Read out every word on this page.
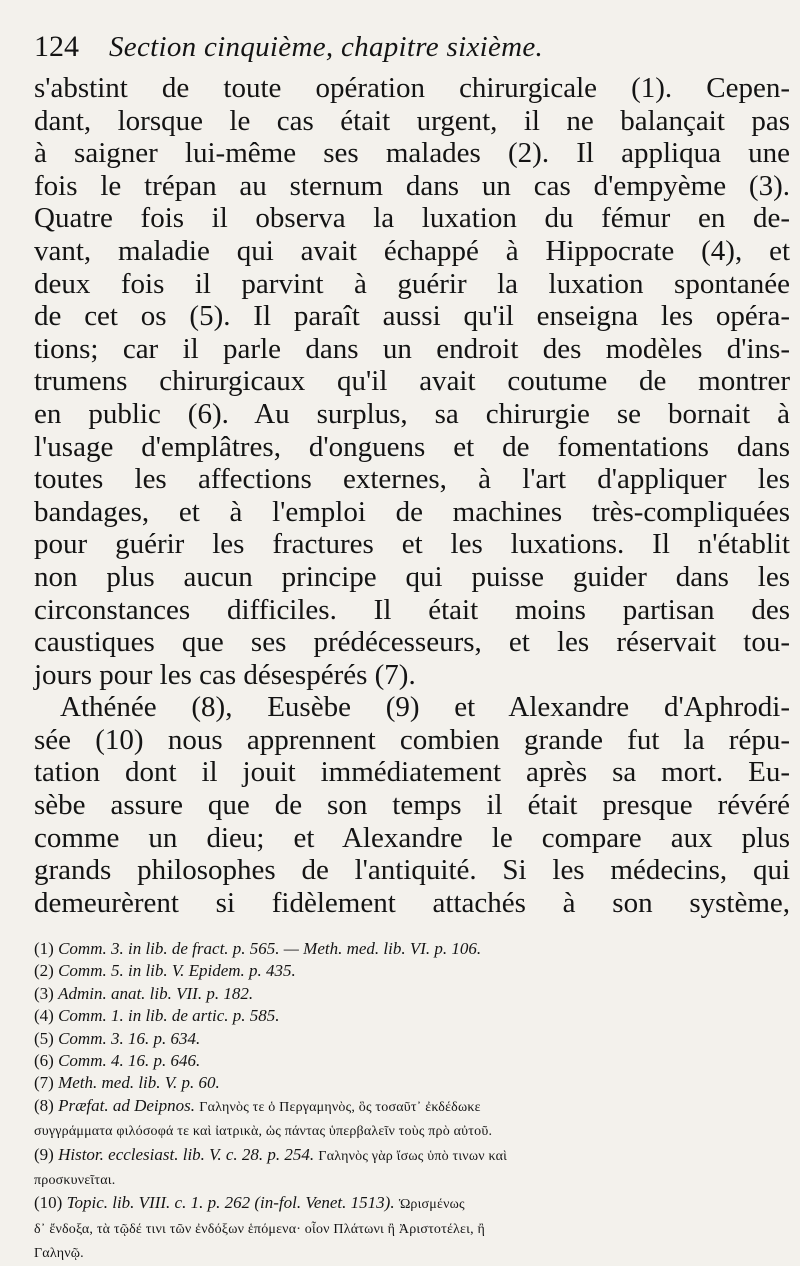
124 Section cinquième, chapitre sixième.
s'abstint de toute opération chirurgicale (1). Cepen-
dant, lorsque le cas était urgent, il ne balançait pas
à saigner lui-même ses malades (2). Il appliqua une
fois le trépan au sternum dans un cas d'empyème (3).
Quatre fois il observa la luxation du fémur en de-
vant, maladie qui avait échappé à Hippocrate (4), et
deux fois il parvint à guérir la luxation spontanée
de cet os (5). Il paraît aussi qu'il enseigna les opéra-
tions; car il parle dans un endroit des modèles d'ins-
trumens chirurgicaux qu'il avait coutume de montrer
en public (6). Au surplus, sa chirurgie se bornait à
l'usage d'emplâtres, d'onguens et de fomentations dans
toutes les affections externes, à l'art d'appliquer les
bandages, et à l'emploi de machines très-compliquées
pour guérir les fractures et les luxations. Il n'établit
non plus aucun principe qui puisse guider dans les
circonstances difficiles. Il était moins partisan des
caustiques que ses prédécesseurs, et les réservait tou-
jours pour les cas désespérés (7).
Athénée (8), Eusèbe (9) et Alexandre d'Aphrodi-
sée (10) nous apprennent combien grande fut la répu-
tation dont il jouit immédiatement après sa mort. Eu-
sèbe assure que de son temps il était presque révéré
comme un dieu; et Alexandre le compare aux plus
grands philosophes de l'antiquité. Si les médecins, qui
demeurèrent si fidèlement attachés à son système,
(1) Comm. 3. in lib. de fract. p. 565. — Meth. med. lib. VI. p. 106.
(2) Comm. 5. in lib. V. Epidem. p. 435.
(3) Admin. anat. lib. VII. p. 182.
(4) Comm. 1. in lib. de artic. p. 585.
(5) Comm. 3. 16. p. 634.
(6) Comm. 4. 16. p. 646.
(7) Meth. med. lib. V. p. 60.
(8) Præfat. ad Deipnos. Γαληνὸς τε ὁ Περγαμηνὸς, ὃς τοσαῦτ᾽ ἐκδέδωκε
συγγράμματα φιλόσοφά τε καὶ ἰατρικὰ, ὡς πάντας ὑπερβαλεῖν τοὺς πρὸ αὐτοῦ.
(9) Histor. ecclesiast. lib. V. c. 28. p. 254. Γαληνὸς γὰρ ἴσως ὑπὸ τινων καὶ
προσκυνεῖται.
(10) Topic. lib. VIII. c. 1. p. 262 (in-fol. Venet. 1513). Ὡρισμένως
δ᾽ ἔνδοξα, τὰ τῷδέ τινι τῶν ἐνδόξων ἑπόμενα· οἷον Πλάτωνι ἢ Ἀριστοτέλει, ἢ
Γαληνῷ.
